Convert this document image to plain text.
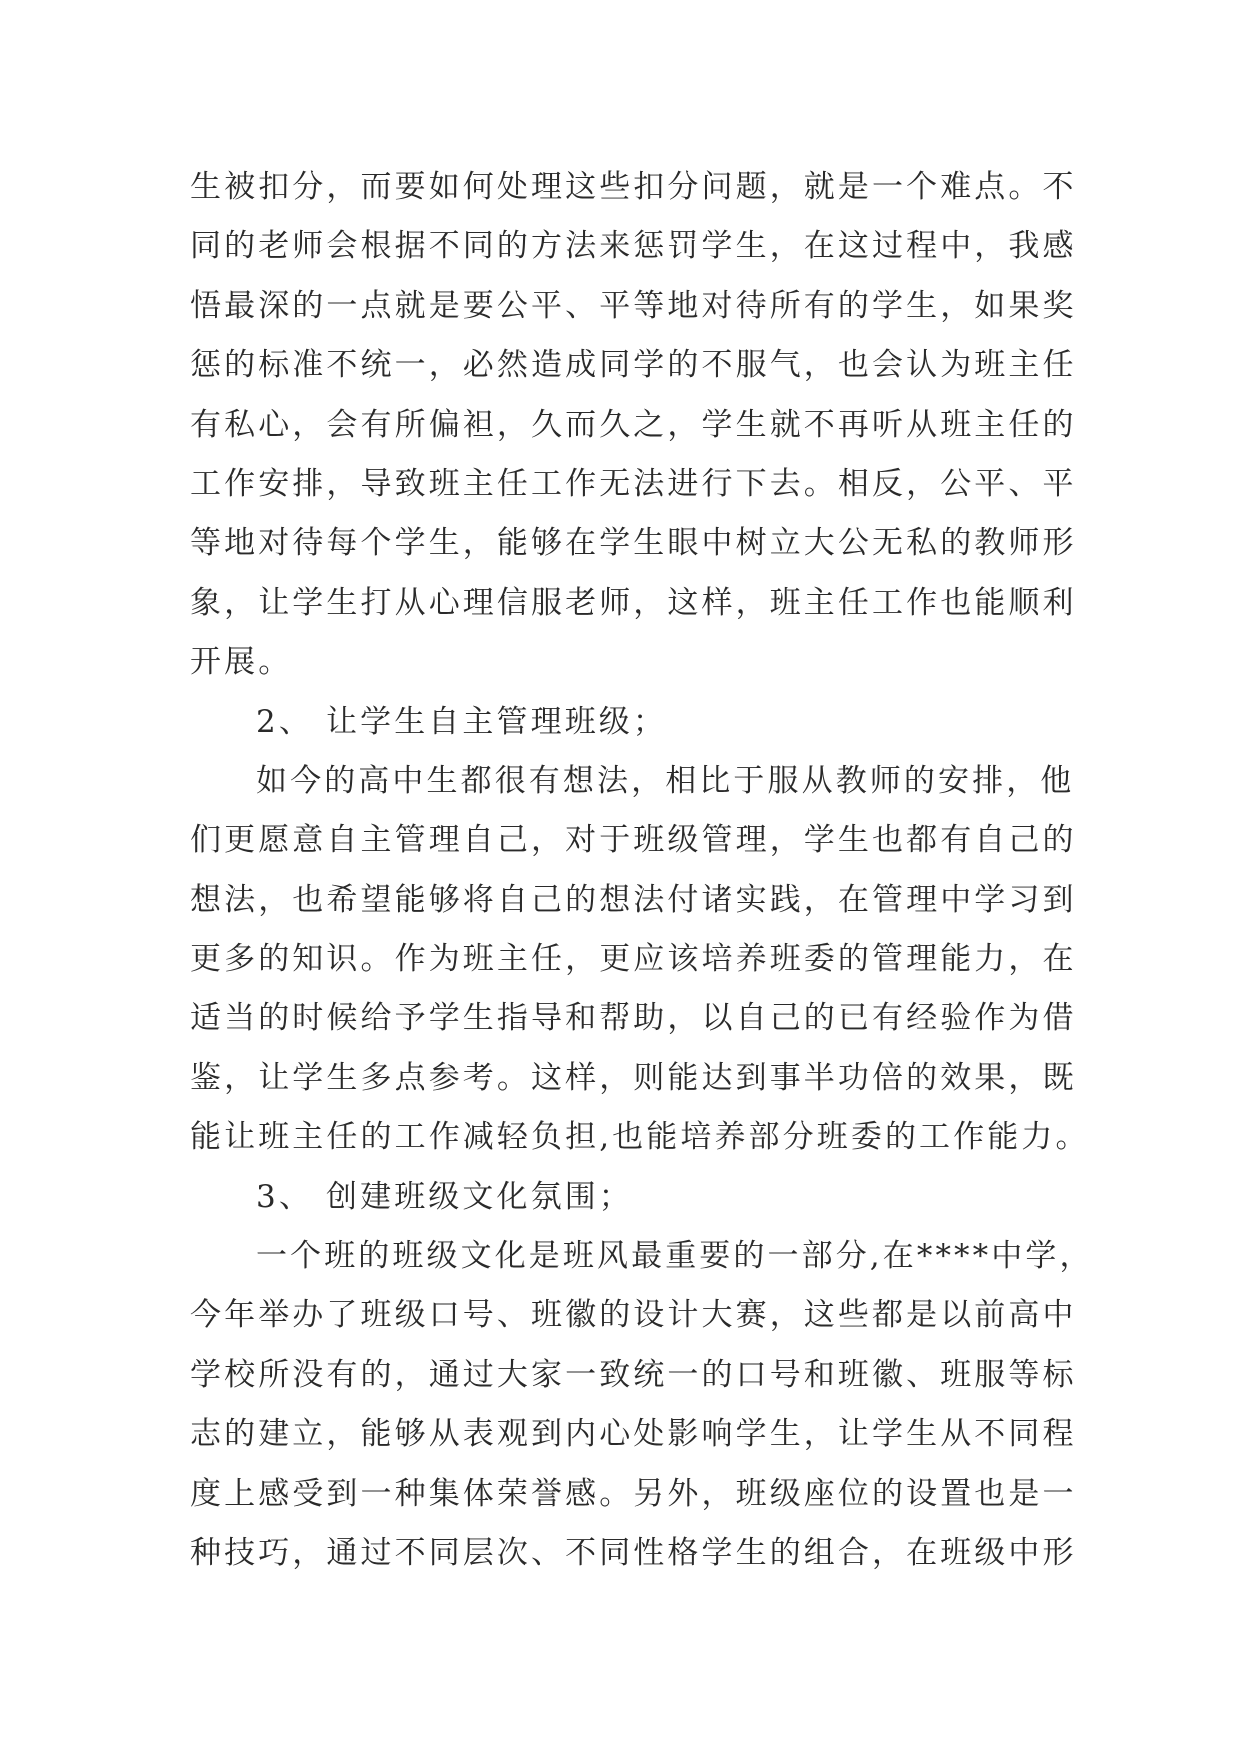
生被扣分，而要如何处理这些扣分问题，就是一个难点。不
同的老师会根据不同的方法来惩罚学生，在这过程中，我感
悟最深的一点就是要公平、平等地对待所有的学生，如果奖
惩的标准不统一，必然造成同学的不服气，也会认为班主任
有私心，会有所偏袒，久而久之，学生就不再听从班主任的
工作安排，导致班主任工作无法进行下去。相反，公平、平
等地对待每个学生，能够在学生眼中树立大公无私的教师形
象，让学生打从心理信服老师，这样，班主任工作也能顺利
开展。
2、 让学生自主管理班级；
如今的高中生都很有想法，相比于服从教师的安排，他
们更愿意自主管理自己，对于班级管理，学生也都有自己的
想法，也希望能够将自己的想法付诸实践，在管理中学习到
更多的知识。作为班主任，更应该培养班委的管理能力，在
适当的时候给予学生指导和帮助，以自己的已有经验作为借
鉴，让学生多点参考。这样，则能达到事半功倍的效果，既
能让班主任的工作减轻负担,也能培养部分班委的工作能力。
3、 创建班级文化氛围；
一个班的班级文化是班风最重要的一部分,在****中学，
今年举办了班级口号、班徽的设计大赛，这些都是以前高中
学校所没有的，通过大家一致统一的口号和班徽、班服等标
志的建立，能够从表观到内心处影响学生，让学生从不同程
度上感受到一种集体荣誉感。另外，班级座位的设置也是一
种技巧，通过不同层次、不同性格学生的组合，在班级中形
